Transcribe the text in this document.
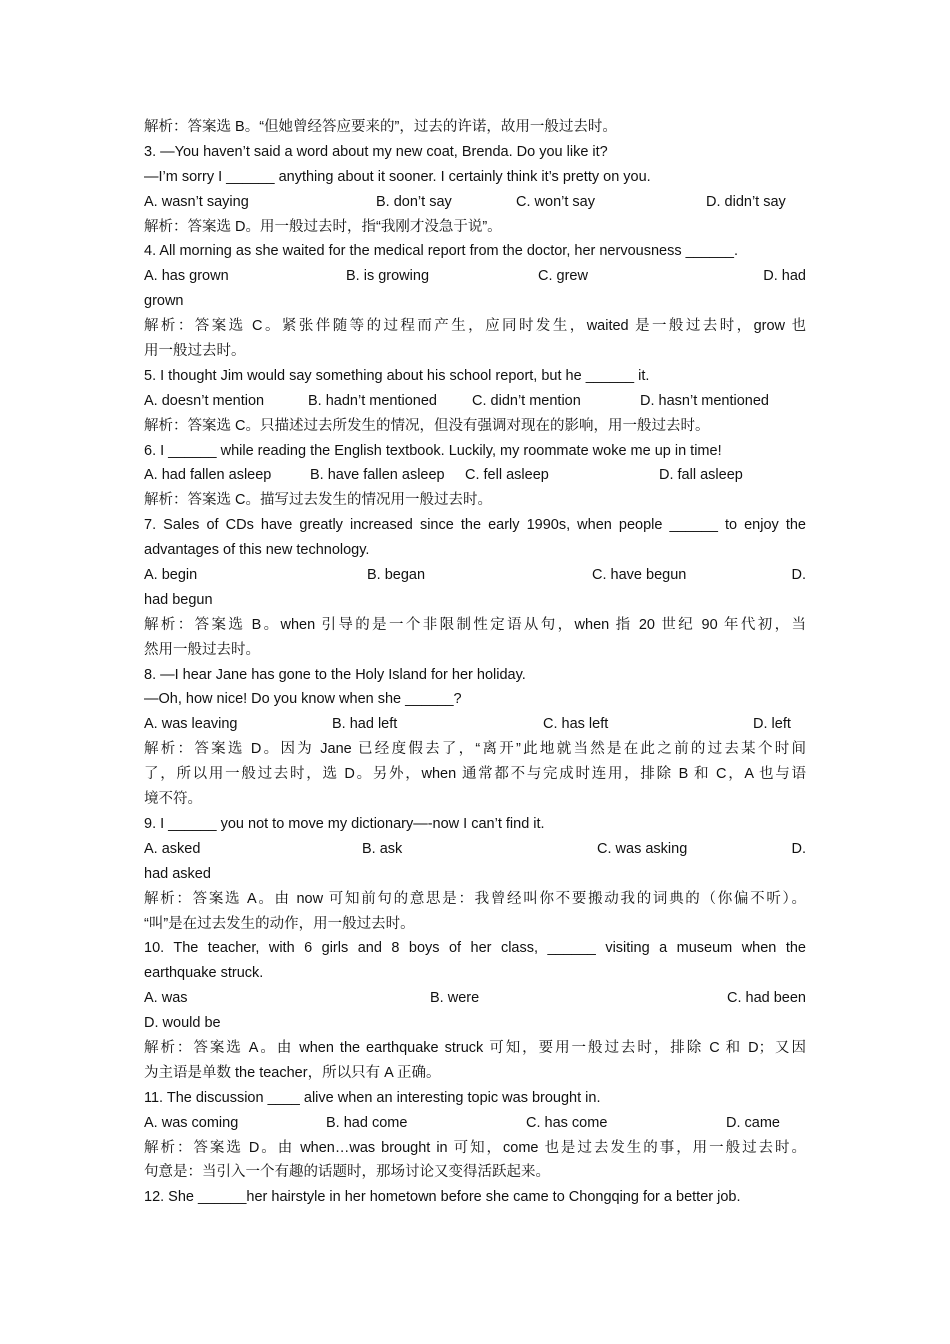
解析：答案选 B。“但她曾经答应要来的”，过去的许诺，故用一般过去时。
3. —You haven’t said a word about my new coat, Brenda. Do you like it?
—I’m sorry I ______ anything about it sooner. I certainly think it’s pretty on you.
A. wasn’t saying	B. don’t say	C. won’t say	D. didn’t say
解析：答案选 D。用一般过去时，指“我刚才没急于说”。
4. All morning as she waited for the medical report from the doctor, her nervousness ______.
A. has grown	B. is growing	C. grew	D. had
grown
解析：答案选 C。紧张伴随等的过程而产生，应同时发生，waited 是一般过去时，grow 也
用一般过去时。
5. I thought Jim would say something about his school report, but he ______ it.
A. doesn’t mention	B. hadn’t mentioned	C. didn’t mention	D. hasn’t mentioned
解析：答案选 C。只描述过去所发生的情况，但没有强调对现在的影响，用一般过去时。
6. I ______ while reading the English textbook. Luckily, my roommate woke me up in time!
A. had fallen asleep	B. have fallen asleep	C. fell asleep	D. fall asleep
解析：答案选 C。描写过去发生的情况用一般过去时。
7. Sales of CDs have greatly increased since the early 1990s, when people ______ to enjoy the
advantages of this new technology.
A. begin	B. began	C. have begun	D.
had begun
解析：答案选 B。when 引导的是一个非限制性定语从句，when 指 20 世纪 90 年代初，当
然用一般过去时。
8. —I hear Jane has gone to the Holy Island for her holiday.
—Oh, how nice! Do you know when she ______?
A. was leaving	B. had left	C. has left	D. left
解析：答案选 D。因为 Jane 已经度假去了，“离开”此地就当然是在此之前的过去某个时间
了，所以用一般过去时，选 D。另外，when 通常都不与完成时连用，排除 B 和 C，A 也与语
境不符。
9. I ______ you not to move my dictionary—-now I can’t find it.
A. asked	B. ask	C. was asking	D.
had asked
解析：答案选 A。由 now 可知前句的意思是：我曾经叫你不要搬动我的词典的（你偏不听）。
“叫”是在过去发生的动作，用一般过去时。
10. The teacher, with 6 girls and 8 boys of her class, ______ visiting a museum when the
earthquake struck.
A. was	B. were	C. had been
D. would be
解析：答案选 A。由 when the earthquake struck 可知，要用一般过去时，排除 C 和 D；又因
为主语是单数 the teacher，所以只有 A 正确。
11. The discussion ____ alive when an interesting topic was brought in.
A. was coming	B. had come	C. has come	D. came
解析：答案选 D。由 when…was brought in 可知，come 也是过去发生的事，用一般过去时。
句意是：当引入一个有趣的话题时，那场讨论又变得活跃起来。
12. She ______her hairstyle in her hometown before she came to Chongqing for a better job.
